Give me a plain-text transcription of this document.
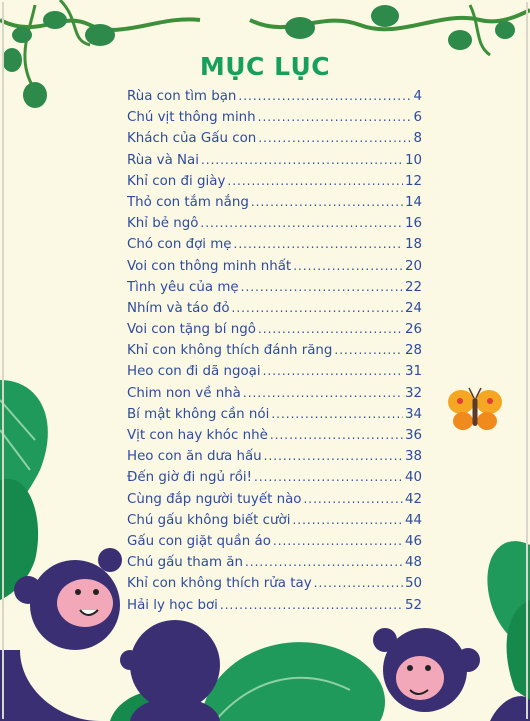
MỤC LỤC
Rùa con tìm bạn .....	4
Chú vịt thông minh .....	6
Khách của Gấu con .....	8
Rùa và Nai .....	10
Khỉ con đi giày .....	12
Thỏ con tắm nắng .....	14
Khỉ bẻ ngô .....	16
Chó con đợi mẹ .....	18
Voi con thông minh nhất .....	20
Tình yêu của mẹ .....	22
Nhím và táo đỏ .....	24
Voi con tặng bí ngô .....	26
Khỉ con không thích đánh răng .....	28
Heo con đi dã ngoại .....	31
Chim non về nhà .....	32
Bí mật không cần nói .....	34
Vịt con hay khóc nhè .....	36
Heo con ăn dưa hấu .....	38
Đến giờ đi ngủ rồi! .....	40
Cùng đắp người tuyết nào .....	42
Chú gấu không biết cười .....	44
Gấu con giặt quần áo .....	46
Chú gấu tham ăn .....	48
Khỉ con không thích rửa tay .....	50
Hải ly học bơi .....	52
